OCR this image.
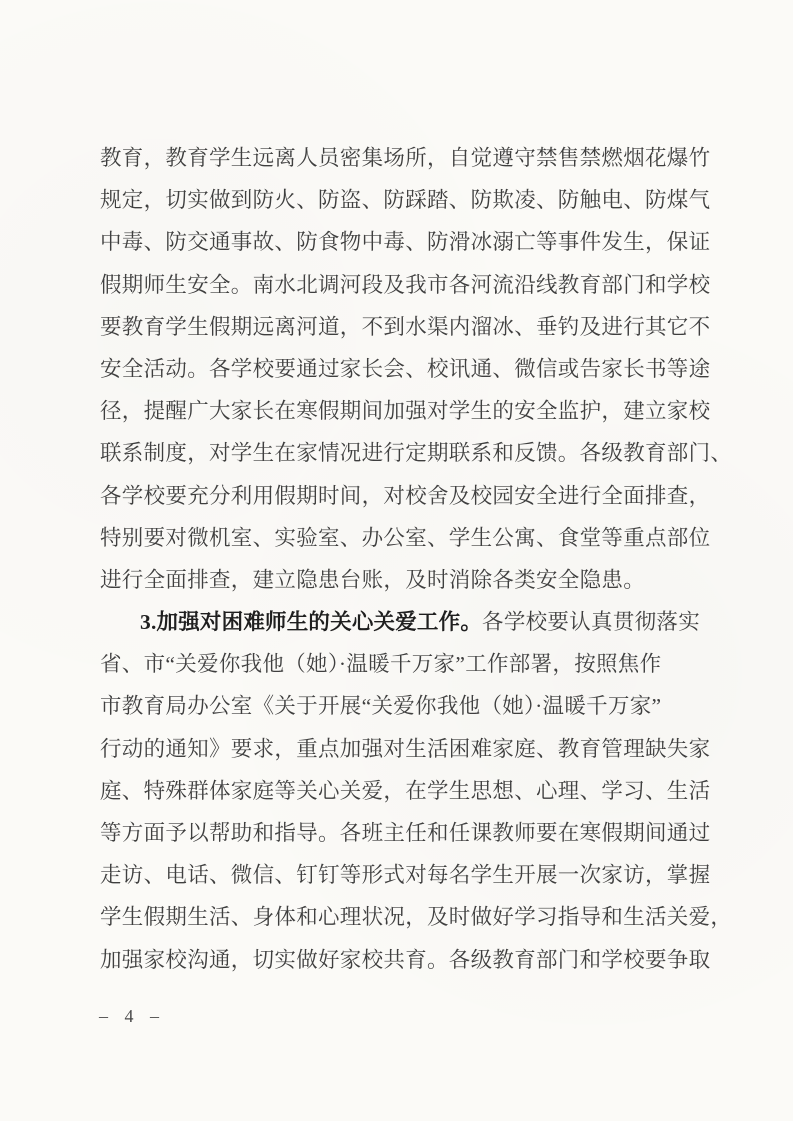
教育，教育学生远离人员密集场所，自觉遵守禁售禁燃烟花爆竹
规定，切实做到防火、防盗、防踩踏、防欺凌、防触电、防煤气
中毒、防交通事故、防食物中毒、防滑冰溺亡等事件发生，保证
假期师生安全。南水北调河段及我市各河流沿线教育部门和学校
要教育学生假期远离河道，不到水渠内溜冰、垂钓及进行其它不
安全活动。各学校要通过家长会、校讯通、微信或告家长书等途
径，提醒广大家长在寒假期间加强对学生的安全监护，建立家校
联系制度，对学生在家情况进行定期联系和反馈。各级教育部门、
各学校要充分利用假期时间，对校舍及校园安全进行全面排查，
特别要对微机室、实验室、办公室、学生公寓、食堂等重点部位
进行全面排查，建立隐患台账，及时消除各类安全隐患。
3.加强对困难师生的关心关爱工作。各学校要认真贯彻落实
省、市“关爱你我他（她）·温暖千万家”工作部署，按照焦作
市教育局办公室《关于开展“关爱你我他（她）·温暖千万家”
行动的通知》要求，重点加强对生活困难家庭、教育管理缺失家
庭、特殊群体家庭等关心关爱，在学生思想、心理、学习、生活
等方面予以帮助和指导。各班主任和任课教师要在寒假期间通过
走访、电话、微信、钉钉等形式对每名学生开展一次家访，掌握
学生假期生活、身体和心理状况，及时做好学习指导和生活关爱，
加强家校沟通，切实做好家校共育。各级教育部门和学校要争取
– 4 –
